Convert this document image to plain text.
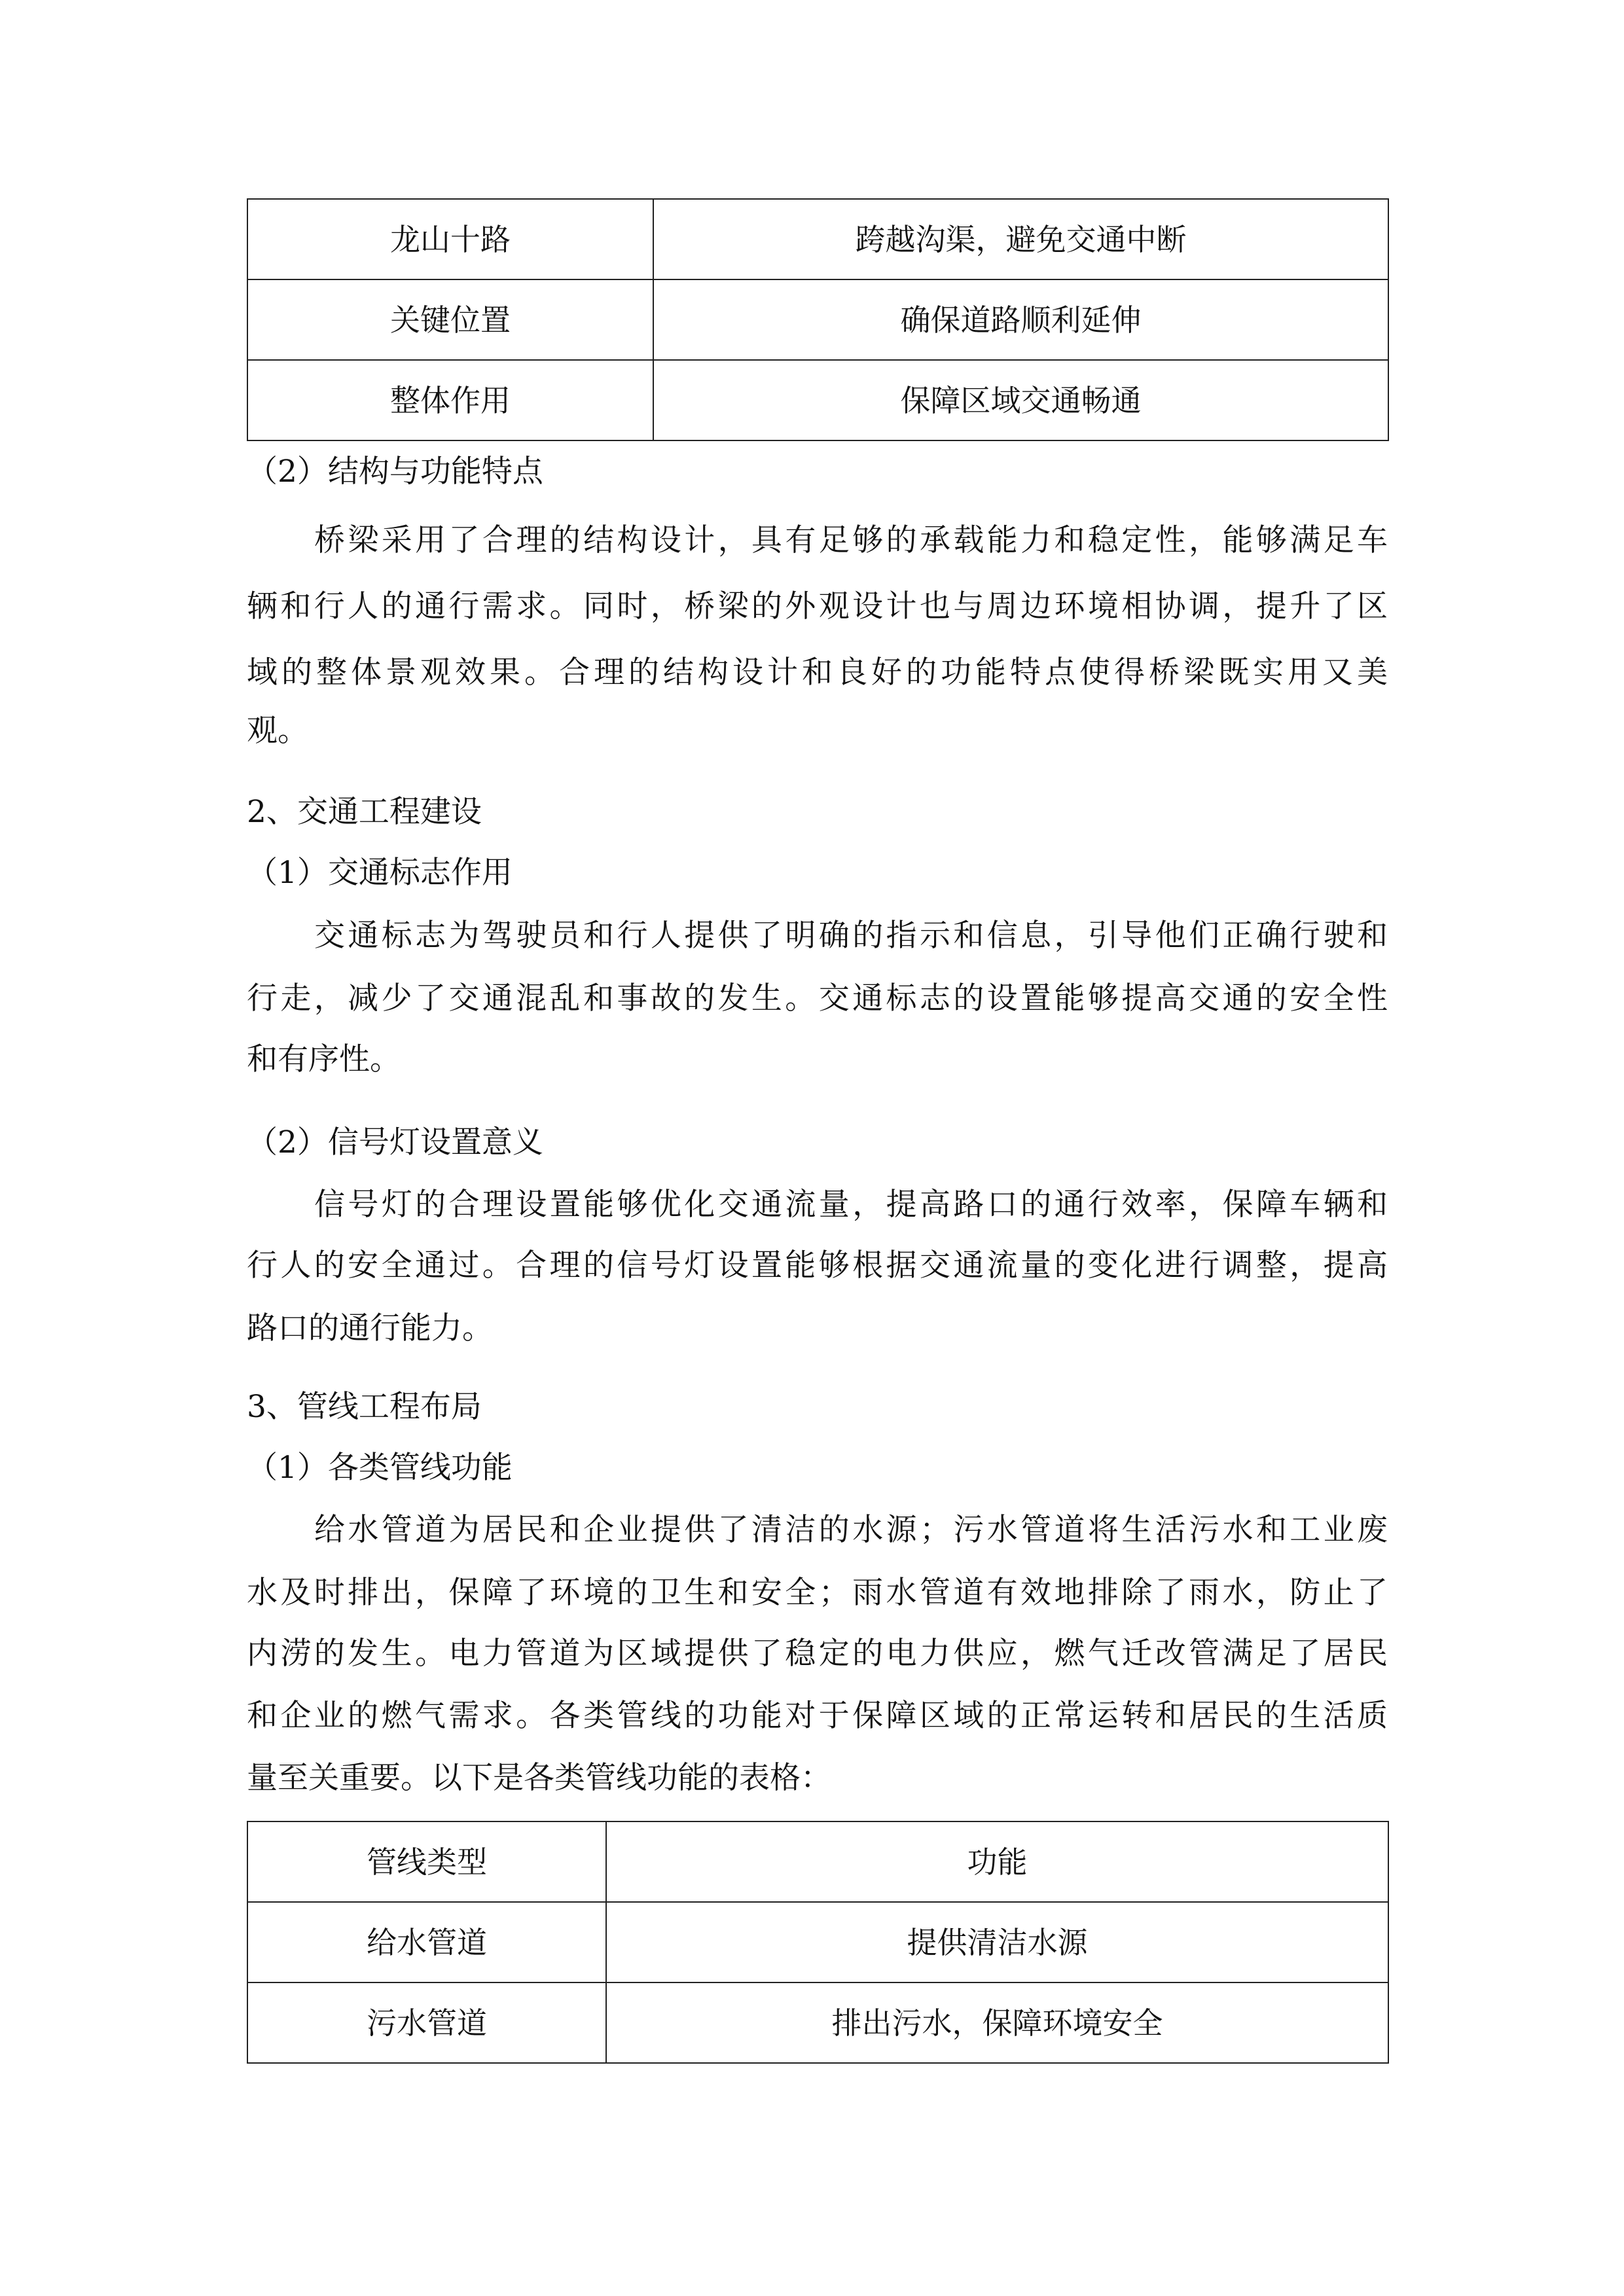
龙山十路	跨越沟渠，避免交通中断
关键位置	确保道路顺利延伸
整体作用	保障区域交通畅通
（2）结构与功能特点
桥梁采用了合理的结构设计，具有足够的承载能力和稳定性，能够满足车
辆和行人的通行需求。同时，桥梁的外观设计也与周边环境相协调，提升了区
域的整体景观效果。合理的结构设计和良好的功能特点使得桥梁既实用又美
观。
2、交通工程建设
（1）交通标志作用
交通标志为驾驶员和行人提供了明确的指示和信息，引导他们正确行驶和
行走，减少了交通混乱和事故的发生。交通标志的设置能够提高交通的安全性
和有序性。
（2）信号灯设置意义
信号灯的合理设置能够优化交通流量，提高路口的通行效率，保障车辆和
行人的安全通过。合理的信号灯设置能够根据交通流量的变化进行调整，提高
路口的通行能力。
3、管线工程布局
（1）各类管线功能
给水管道为居民和企业提供了清洁的水源；污水管道将生活污水和工业废
水及时排出，保障了环境的卫生和安全；雨水管道有效地排除了雨水，防止了
内涝的发生。电力管道为区域提供了稳定的电力供应，燃气迁改管满足了居民
和企业的燃气需求。各类管线的功能对于保障区域的正常运转和居民的生活质
量至关重要。以下是各类管线功能的表格：
管线类型	功能
给水管道	提供清洁水源
污水管道	排出污水，保障环境安全
